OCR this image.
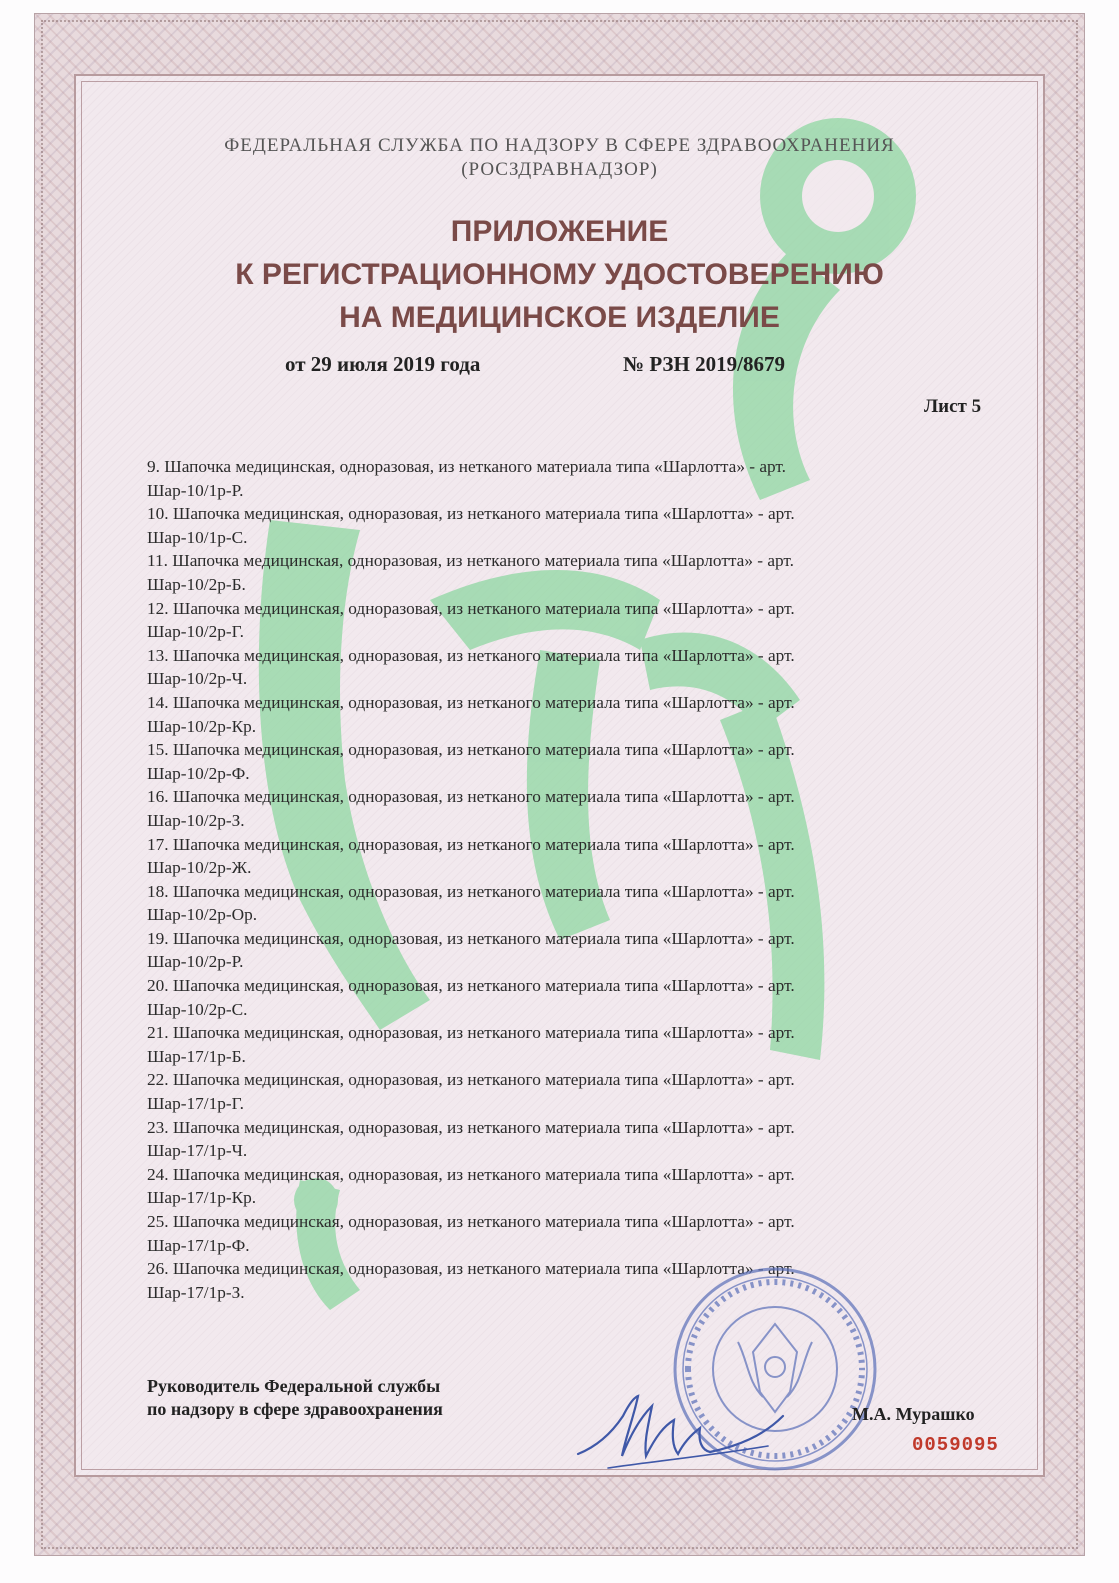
ФЕДЕРАЛЬНАЯ СЛУЖБА ПО НАДЗОРУ В СФЕРЕ ЗДРАВООХРАНЕНИЯ
(РОСЗДРАВНАДЗОР)
ПРИЛОЖЕНИЕ
К РЕГИСТРАЦИОННОМУ УДОСТОВЕРЕНИЮ
НА МЕДИЦИНСКОЕ ИЗДЕЛИЕ
от 29 июля 2019 года	№ РЗН 2019/8679
Лист 5
9. Шапочка медицинская, одноразовая, из нетканого материала типа «Шарлотта» - арт.
Шар-10/1р-Р.
10. Шапочка медицинская, одноразовая, из нетканого материала типа «Шарлотта» - арт.
Шар-10/1р-С.
11. Шапочка медицинская, одноразовая, из нетканого материала типа «Шарлотта» - арт.
Шар-10/2р-Б.
12. Шапочка медицинская, одноразовая, из нетканого материала типа «Шарлотта» - арт.
Шар-10/2р-Г.
13. Шапочка медицинская, одноразовая, из нетканого материала типа «Шарлотта» - арт.
Шар-10/2р-Ч.
14. Шапочка медицинская, одноразовая, из нетканого материала типа «Шарлотта» - арт.
Шар-10/2р-Кр.
15. Шапочка медицинская, одноразовая, из нетканого материала типа «Шарлотта» - арт.
Шар-10/2р-Ф.
16. Шапочка медицинская, одноразовая, из нетканого материала типа «Шарлотта» - арт.
Шар-10/2р-З.
17. Шапочка медицинская, одноразовая, из нетканого материала типа «Шарлотта» - арт.
Шар-10/2р-Ж.
18. Шапочка медицинская, одноразовая, из нетканого материала типа «Шарлотта» - арт.
Шар-10/2р-Ор.
19. Шапочка медицинская, одноразовая, из нетканого материала типа «Шарлотта» - арт.
Шар-10/2р-Р.
20. Шапочка медицинская, одноразовая, из нетканого материала типа «Шарлотта» - арт.
Шар-10/2р-С.
21. Шапочка медицинская, одноразовая, из нетканого материала типа «Шарлотта» - арт.
Шар-17/1р-Б.
22. Шапочка медицинская, одноразовая, из нетканого материала типа «Шарлотта» - арт.
Шар-17/1р-Г.
23. Шапочка медицинская, одноразовая, из нетканого материала типа «Шарлотта» - арт.
Шар-17/1р-Ч.
24. Шапочка медицинская, одноразовая, из нетканого материала типа «Шарлотта» - арт.
Шар-17/1р-Кр.
25. Шапочка медицинская, одноразовая, из нетканого материала типа «Шарлотта» - арт.
Шар-17/1р-Ф.
26. Шапочка медицинская, одноразовая, из нетканого материала типа «Шарлотта» - арт.
Шар-17/1р-З.
Руководитель Федеральной службы
по надзору в сфере здравоохранения	М.А. Мурашко
0059095
